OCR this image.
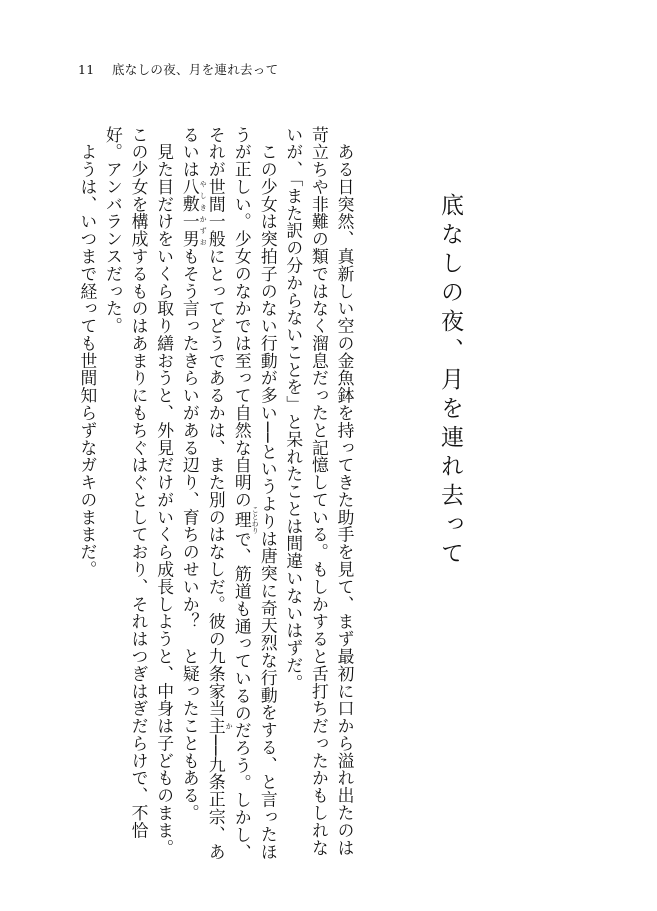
11 底なしの夜、月を連れ去って
底なしの夜、月を連れ去って

　ある日突然、真新しい空の金魚鉢を持ってきた助手を見て、まず最初に口から溢れ出たのは苛立ちや非難の類ではなく溜息だったと記憶している。もしかすると舌打ちだったかもしれないが、「また訳の分からないことを」と呆れたことは間違いないはずだ。

　この少女は突拍子のない行動が多い──というよりは唐突に奇天烈な行動をする、と言ったほうが正しい。少女のなかでは至って自然な自明の理 ことわりで、筋道も通っているのだろう。しかし、それが世間一般にとってどうであるかは、また別のはなしだ。彼の九条家当主 か──九条正宗、あるいは八敷一男 やしきかずおもそう言ったきらいがある辺り、育ちのせいか？　と疑ったこともある。

　見た目だけをいくら取り繕おうと、外見だけがいくら成長しようと、中身は子どものまま。この少女を構成するものはあまりにもちぐはぐとしており、それはつぎはぎだらけで、不恰好。アンバランスだった。

　ようは、いつまで経っても世間知らずなガキのままだ。
